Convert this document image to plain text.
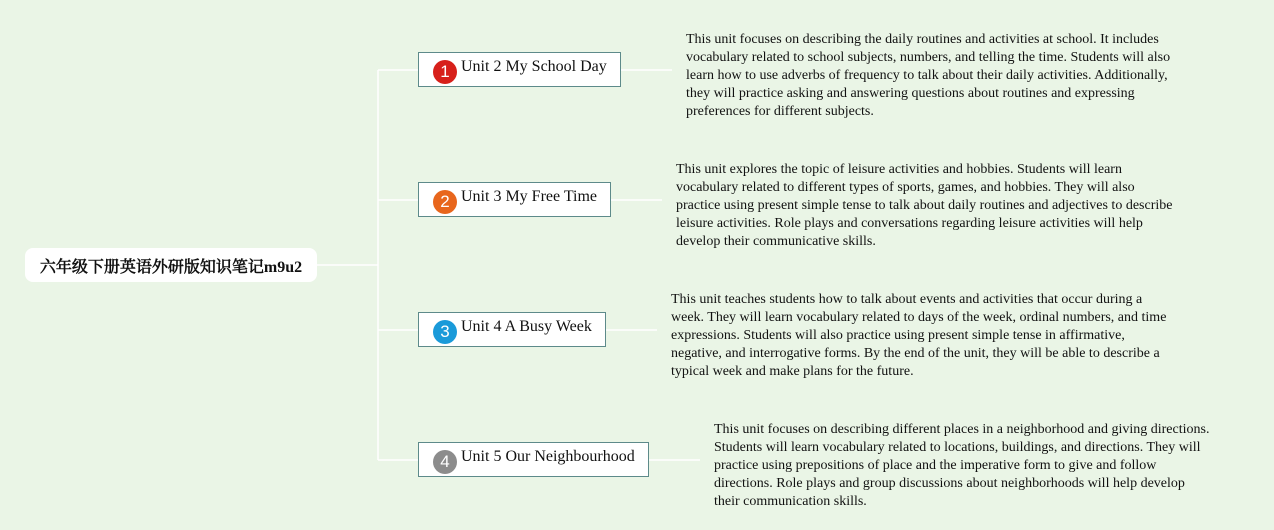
六年级下册英语外研版知识笔记m9u2
1 Unit 2 My School Day
This unit focuses on describing the daily routines and activities at school. It includes vocabulary related to school subjects, numbers, and telling the time. Students will also learn how to use adverbs of frequency to talk about their daily activities. Additionally, they will practice asking and answering questions about routines and expressing preferences for different subjects.
2 Unit 3 My Free Time
This unit explores the topic of leisure activities and hobbies. Students will learn vocabulary related to different types of sports, games, and hobbies. They will also practice using present simple tense to talk about daily routines and adjectives to describe leisure activities. Role plays and conversations regarding leisure activities will help develop their communicative skills.
3 Unit 4 A Busy Week
This unit teaches students how to talk about events and activities that occur during a week. They will learn vocabulary related to days of the week, ordinal numbers, and time expressions. Students will also practice using present simple tense in affirmative, negative, and interrogative forms. By the end of the unit, they will be able to describe a typical week and make plans for the future.
4 Unit 5 Our Neighbourhood
This unit focuses on describing different places in a neighborhood and giving directions. Students will learn vocabulary related to locations, buildings, and directions. They will practice using prepositions of place and the imperative form to give and follow directions. Role plays and group discussions about neighborhoods will help develop their communication skills.
